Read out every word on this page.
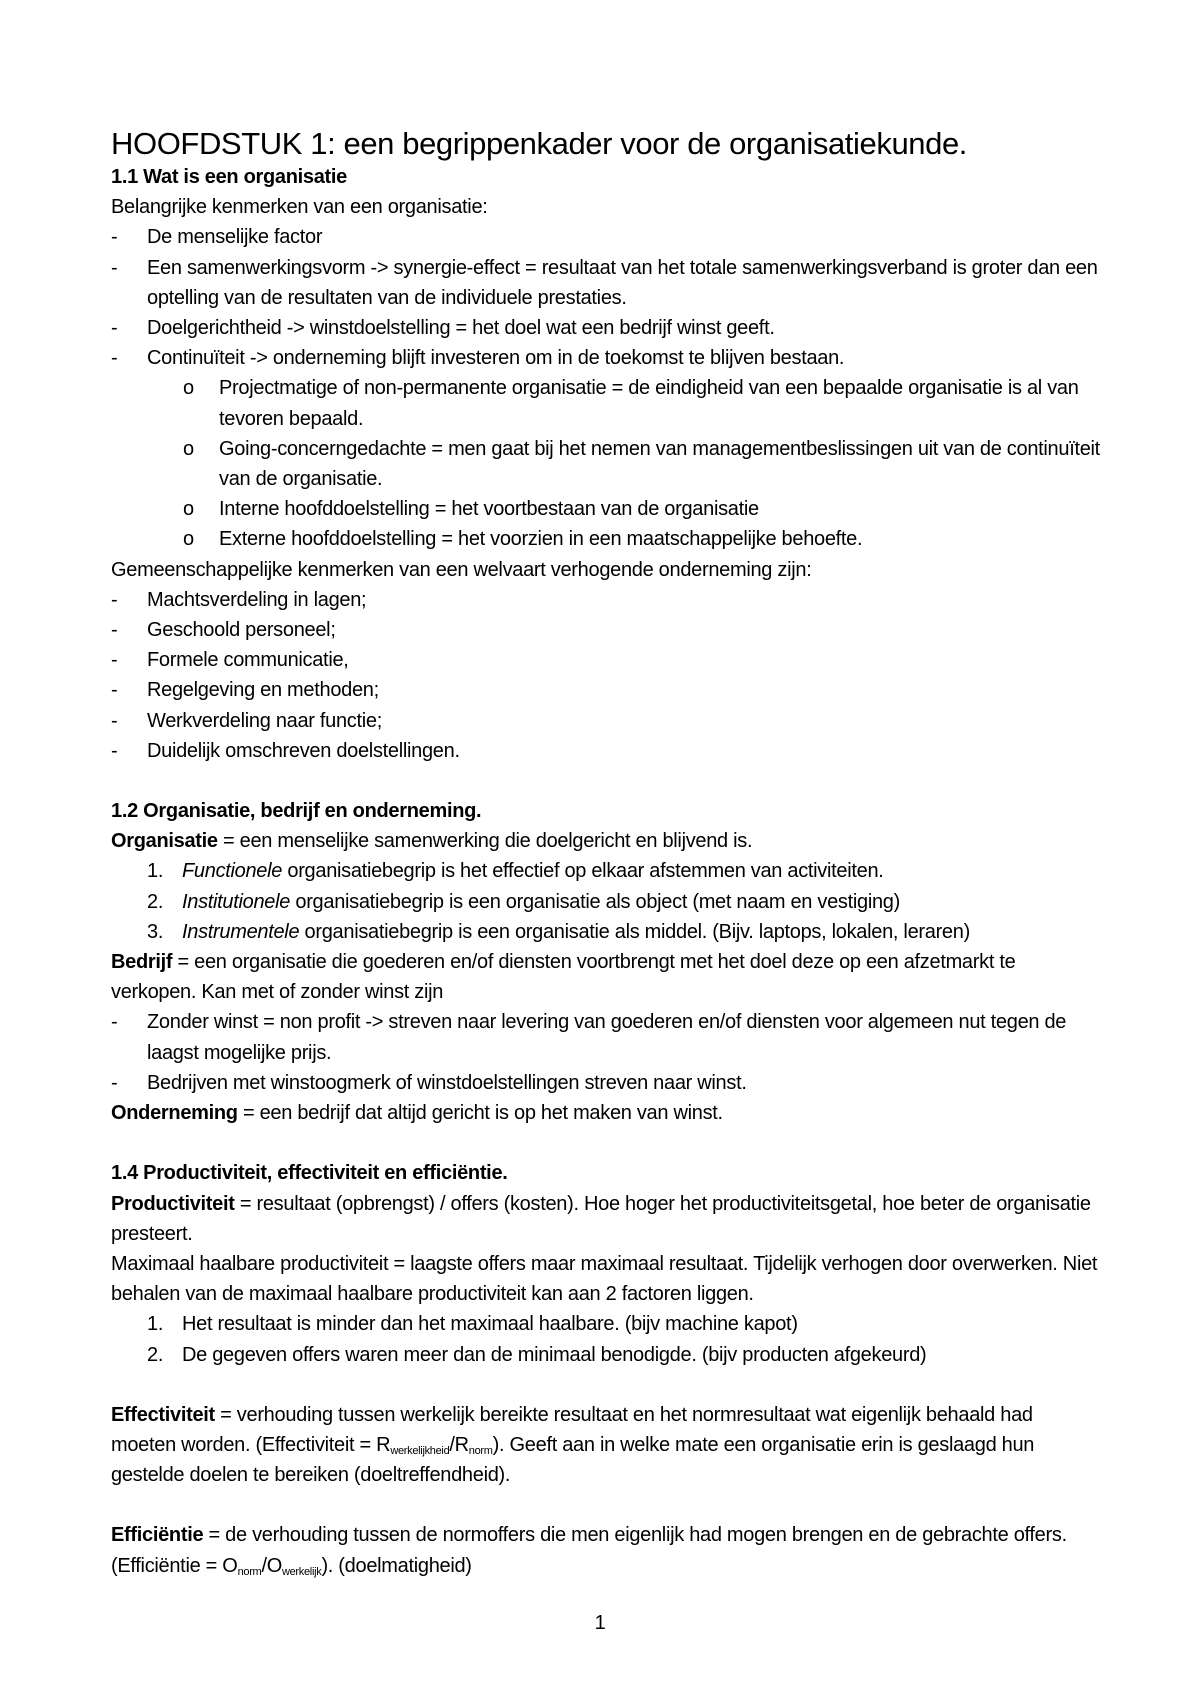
HOOFDSTUK 1: een begrippenkader voor de organisatiekunde.
1.1 Wat is een organisatie
Belangrijke kenmerken van een organisatie:
- De menselijke factor
- Een samenwerkingsvorm -> synergie-effect = resultaat van het totale samenwerkingsverband is groter dan een optelling van de resultaten van de individuele prestaties.
- Doelgerichtheid -> winstdoelstelling = het doel wat een bedrijf winst geeft.
- Continuïteit -> onderneming blijft investeren om in de toekomst te blijven bestaan.
o Projectmatige of non-permanente organisatie = de eindigheid van een bepaalde organisatie is al van tevoren bepaald.
o Going-concerngedachte = men gaat bij het nemen van managementbeslissingen uit van de continuïteit van de organisatie.
o Interne hoofddoelstelling = het voortbestaan van de organisatie
o Externe hoofddoelstelling = het voorzien in een maatschappelijke behoefte.
Gemeenschappelijke kenmerken van een welvaart verhogende onderneming zijn:
- Machtsverdeling in lagen;
- Geschoold personeel;
- Formele communicatie,
- Regelgeving en methoden;
- Werkverdeling naar functie;
- Duidelijk omschreven doelstellingen.
1.2 Organisatie, bedrijf en onderneming.
Organisatie = een menselijke samenwerking die doelgericht en blijvend is.
1. Functionele organisatiebegrip is het effectief op elkaar afstemmen van activiteiten.
2. Institutionele organisatiebegrip is een organisatie als object (met naam en vestiging)
3. Instrumentele organisatiebegrip is een organisatie als middel. (Bijv. laptops, lokalen, leraren)
Bedrijf = een organisatie die goederen en/of diensten voortbrengt met het doel deze op een afzetmarkt te verkopen. Kan met of zonder winst zijn
- Zonder winst = non profit -> streven naar levering van goederen en/of diensten voor algemeen nut tegen de laagst mogelijke prijs.
- Bedrijven met winstoogmerk of winstdoelstellingen streven naar winst.
Onderneming = een bedrijf dat altijd gericht is op het maken van winst.
1.4 Productiviteit, effectiviteit en efficiëntie.
Productiviteit = resultaat (opbrengst) / offers (kosten). Hoe hoger het productiviteitsgetal, hoe beter de organisatie presteert.
Maximaal haalbare productiviteit = laagste offers maar maximaal resultaat. Tijdelijk verhogen door overwerken. Niet behalen van de maximaal haalbare productiviteit kan aan 2 factoren liggen.
1. Het resultaat is minder dan het maximaal haalbare. (bijv machine kapot)
2. De gegeven offers waren meer dan de minimaal benodigde. (bijv producten afgekeurd)
Effectiviteit = verhouding tussen werkelijk bereikte resultaat en het normresultaat wat eigenlijk behaald had moeten worden. (Effectiviteit = $R_{werkelijkheid}/R_{norm}$). Geeft aan in welke mate een organisatie erin is geslaagd hun gestelde doelen te bereiken (doeltreffendheid).
Efficiëntie = de verhouding tussen de normoffers die men eigenlijk had mogen brengen en de gebrachte offers. (Efficiëntie = $O_{norm}/O_{werkelijk}$). (doelmatigheid)
1
